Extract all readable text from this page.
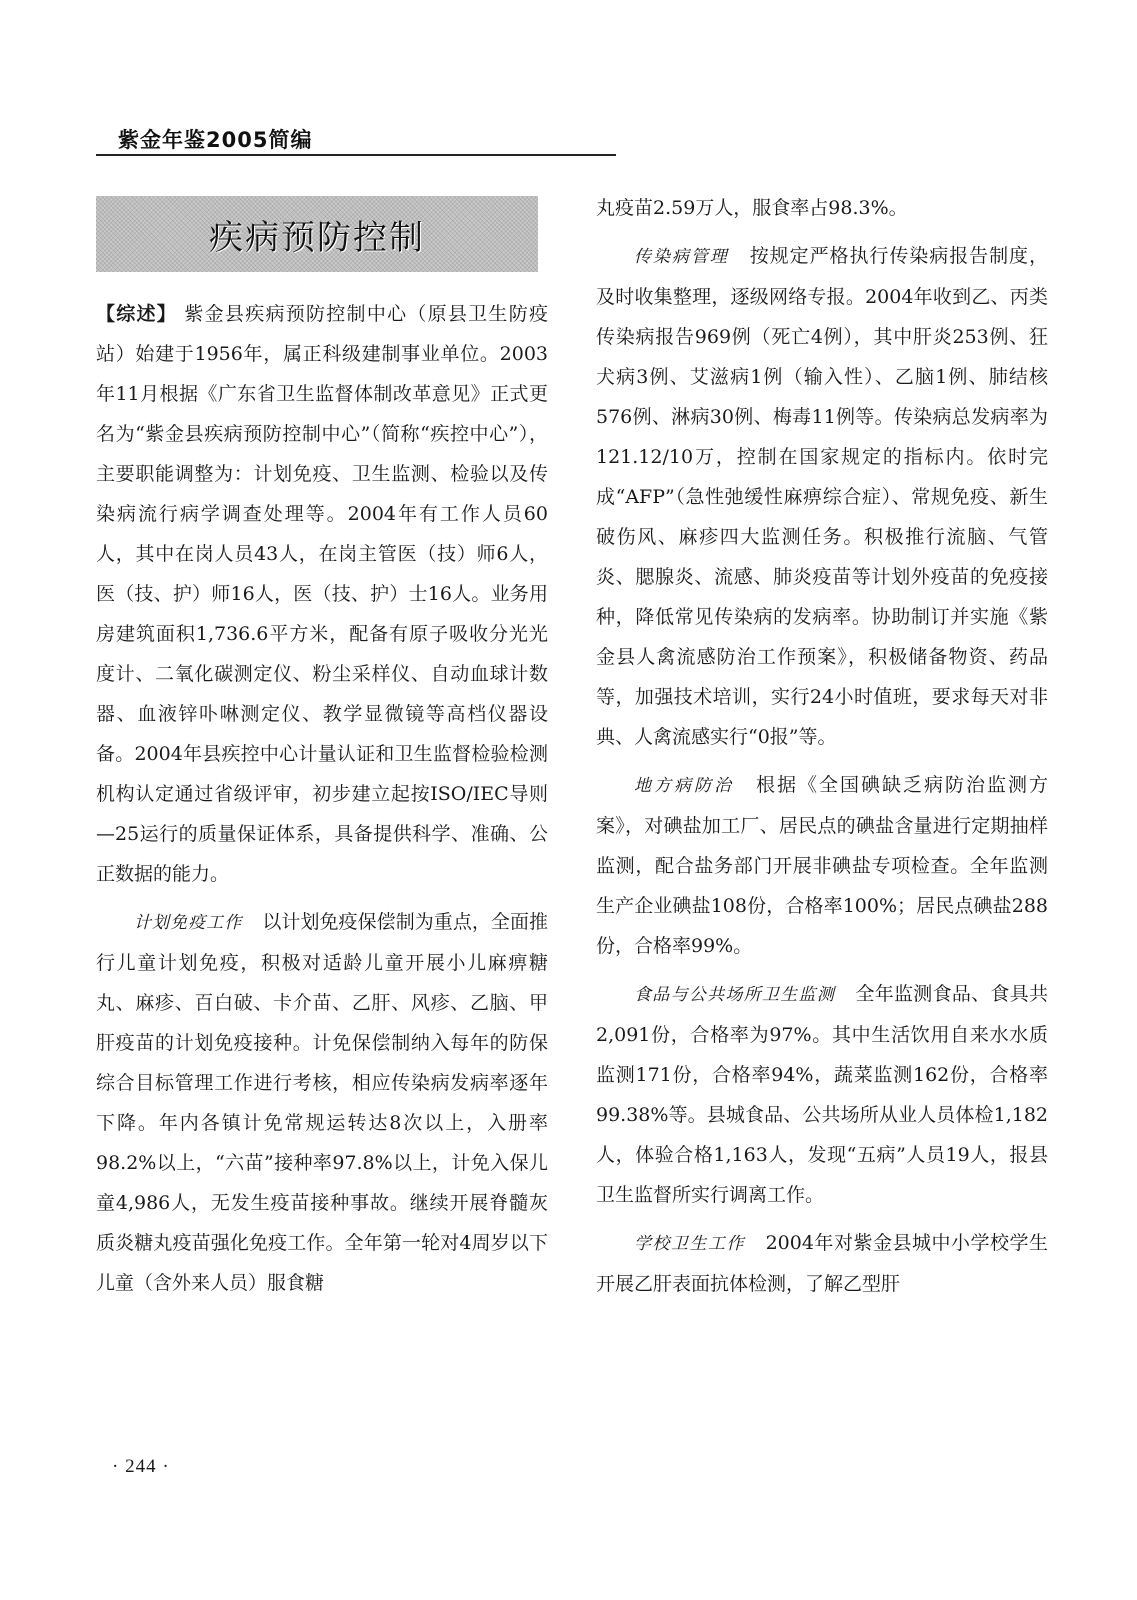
紫金年鉴2005简编
疾病预防控制

【综述】 紫金县疾病预防控制中心（原县卫生防疫站）始建于1956年，属正科级建制事业单位。2003年11月根据《广东省卫生监督体制改革意见》正式更名为“紫金县疾病预防控制中心”（简称“疾控中心”），主要职能调整为：计划免疫、卫生监测、检验以及传染病流行病学调查处理等。2004年有工作人员60人，其中在岗人员43人，在岗主管医（技）师6人，医（技、护）师16人，医（技、护）士16人。业务用房建筑面积1,736.6平方米，配备有原子吸收分光光度计、二氧化碳测定仪、粉尘采样仪、自动血球计数器、血液锌卟啉测定仪、教学显微镜等高档仪器设备。2004年县疾控中心计量认证和卫生监督检验检测机构认定通过省级评审，初步建立起按ISO/IEC导则—25运行的质量保证体系，具备提供科学、准确、公正数据的能力。

计划免疫工作 以计划免疫保偿制为重点，全面推行儿童计划免疫，积极对适龄儿童开展小儿麻痹糖丸、麻疹、百白破、卡介苗、乙肝、风疹、乙脑、甲肝疫苗的计划免疫接种。计免保偿制纳入每年的防保综合目标管理工作进行考核，相应传染病发病率逐年下降。年内各镇计免常规运转达8次以上，入册率98.2%以上，“六苗”接种率97.8%以上，计免入保儿童4,986人，无发生疫苗接种事故。继续开展脊髓灰质炎糖丸疫苗强化免疫工作。全年第一轮对4周岁以下儿童（含外来人员）服食糖

丸疫苗2.59万人，服食率占98.3%。

传染病管理 按规定严格执行传染病报告制度，及时收集整理，逐级网络专报。2004年收到乙、丙类传染病报告969例（死亡4例），其中肝炎253例、狂犬病3例、艾滋病1例（输入性）、乙脑1例、肺结核576例、淋病30例、梅毒11例等。传染病总发病率为121.12/10万，控制在国家规定的指标内。依时完成“AFP”（急性弛缓性麻痹综合症）、常规免疫、新生破伤风、麻疹四大监测任务。积极推行流脑、气管炎、腮腺炎、流感、肺炎疫苗等计划外疫苗的免疫接种，降低常见传染病的发病率。协助制订并实施《紫金县人禽流感防治工作预案》，积极储备物资、药品等，加强技术培训，实行24小时值班，要求每天对非典、人禽流感实行“0报”等。

地方病防治 根据《全国碘缺乏病防治监测方案》，对碘盐加工厂、居民点的碘盐含量进行定期抽样监测，配合盐务部门开展非碘盐专项检查。全年监测生产企业碘盐108份，合格率100%；居民点碘盐288份，合格率99%。

食品与公共场所卫生监测 全年监测食品、食具共2,091份，合格率为97%。其中生活饮用自来水水质监测171份，合格率94%，蔬菜监测162份，合格率99.38%等。县城食品、公共场所从业人员体检1,182人，体验合格1,163人，发现“五病”人员19人，报县卫生监督所实行调离工作。

学校卫生工作 2004年对紫金县城中小学校学生开展乙肝表面抗体检测，了解乙型肝

· 244 ·
